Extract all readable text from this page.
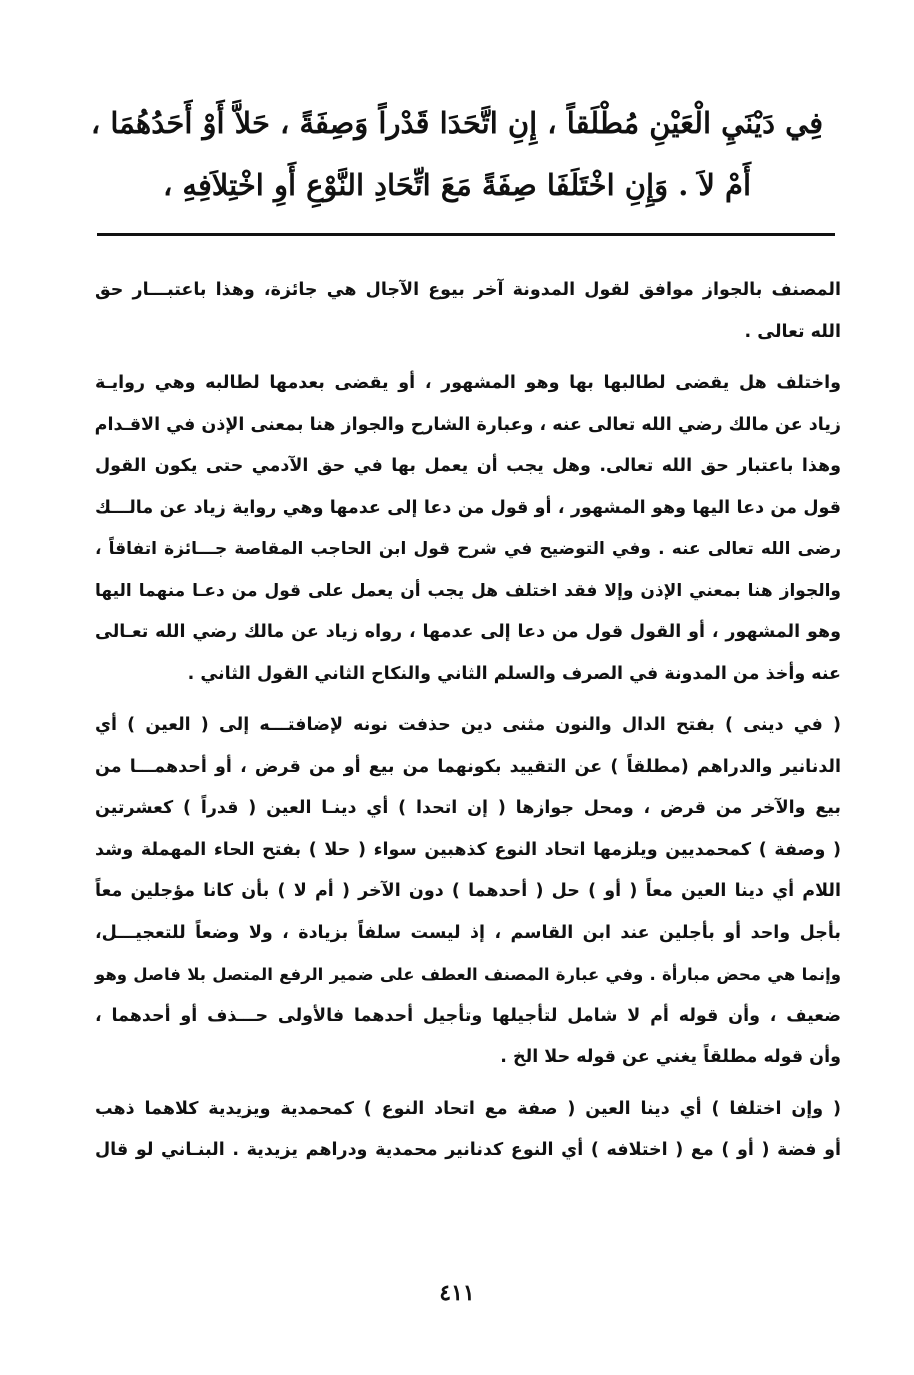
فِي دَيْنَيِ الْعَيْنِ مُطْلَقاً ، إِنِ اتَّحَدَا قَدْراً وَصِفَةً ، حَلاَّ أَوْ أَحَدُهُمَا ،
أَمْ لاَ . وَإِنِ اخْتَلَفَا صِفَةً مَعَ اتِّحَادِ النَّوْعِ أَوِ اخْتِلاَفِهِ ،
المصنف بالجواز موافق لقول المدونة آخر بيوع الآجال هي جائزة، وهذا باعتبـــار حق
الله تعالى .
واختلف هل يقضى لطالبها بها وهو المشهور ، أو يقضى بعدمها لطالبه وهي روايـة
زياد عن مالك رضي الله تعالى عنه ، وعبارة الشارح والجواز هنا بمعنى الإذن في الاقـدام
وهذا باعتبار حق الله تعالى. وهل يجب أن يعمل بها في حق الآدمي حتى يكون القول
قول من دعا اليها وهو المشهور ، أو قول من دعا إلى عدمها وهي رواية زياد عن مالـــك
رضى الله تعالى عنه . وفي التوضيح في شرح قول ابن الحاجب المقاصة جـــائزة اتفاقاً ،
والجواز هنا بمعني الإذن وإلا فقد اختلف هل يجب أن يعمل على قول من دعـا منهما اليها
وهو المشهور ، أو القول قول من دعا إلى عدمها ، رواه زياد عن مالك رضي الله تعـالى
عنه وأخذ من المدونة في الصرف والسلم الثاني والنكاح الثاني القول الثاني .
( في دينى ) بفتح الدال والنون مثنى دين حذفت نونه لإضافتـــه إلى ( العين ) أي
الدنانير والدراهم (مطلقاً ) عن التقييد بكونهما من بيع أو من قرض ، أو أحدهمـــا من
بيع والآخر من قرض ، ومحل جوازها ( إن اتحدا ) أي دينـا العين ( قدراً ) كعشرتين
( وصفة ) كمحمديين ويلزمها اتحاد النوع كذهبين سواء ( حلا ) بفتح الحاء المهملة وشد
اللام أي دينا العين معاً ( أو ) حل ( أحدهما ) دون الآخر ( أم لا ) بأن كانا مؤجلين معاً
بأجل واحد أو بأجلين عند ابن القاسم ، إذ ليست سلفاً بزيادة ، ولا وضعاً للتعجيـــل،
وإنما هي محض مبارأة . وفي عبارة المصنف العطف على ضمير الرفع المتصل بلا فاصل وهو
ضعيف ، وأن قوله أم لا شامل لتأجيلها وتأجيل أحدهما فالأولى حـــذف أو أحدهما ،
وأن قوله مطلقاً يغني عن قوله حلا الخ .
( وإن اختلفا ) أي دينا العين ( صفة مع اتحاد النوع ) كمحمدية ويزيدية كلاهما ذهب
أو فضة ( أو ) مع ( اختلافه ) أي النوع كدنانير محمدية ودراهم يزيدية . البنـاني لو قال
٤١١
